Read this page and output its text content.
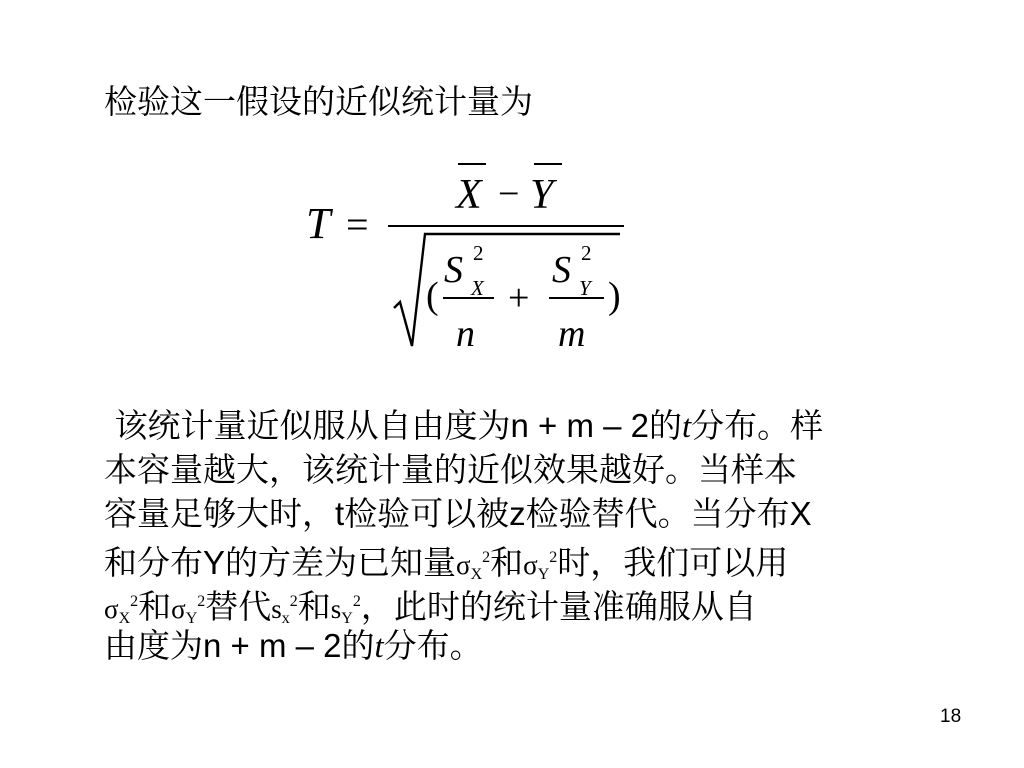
检验这一假设的近似统计量为
T =
X − Y
(
S 2
X
n
+
S 2
Y
m
)
该统计量近似服从自由度为n + m – 2的t分布。样
本容量越大，该统计量的近似效果越好。当样本
容量足够大时，t检验可以被z检验替代。当分布X
和分布Y的方差为已知量$\sigma_X^2$和$\sigma_Y^2$时，我们可以用
$\sigma_X^2$和$\sigma_Y^2$替代$s_x^2$和$s_Y^2$，此时的统计量准确服从自
由度为n + m – 2的t分布。
18
